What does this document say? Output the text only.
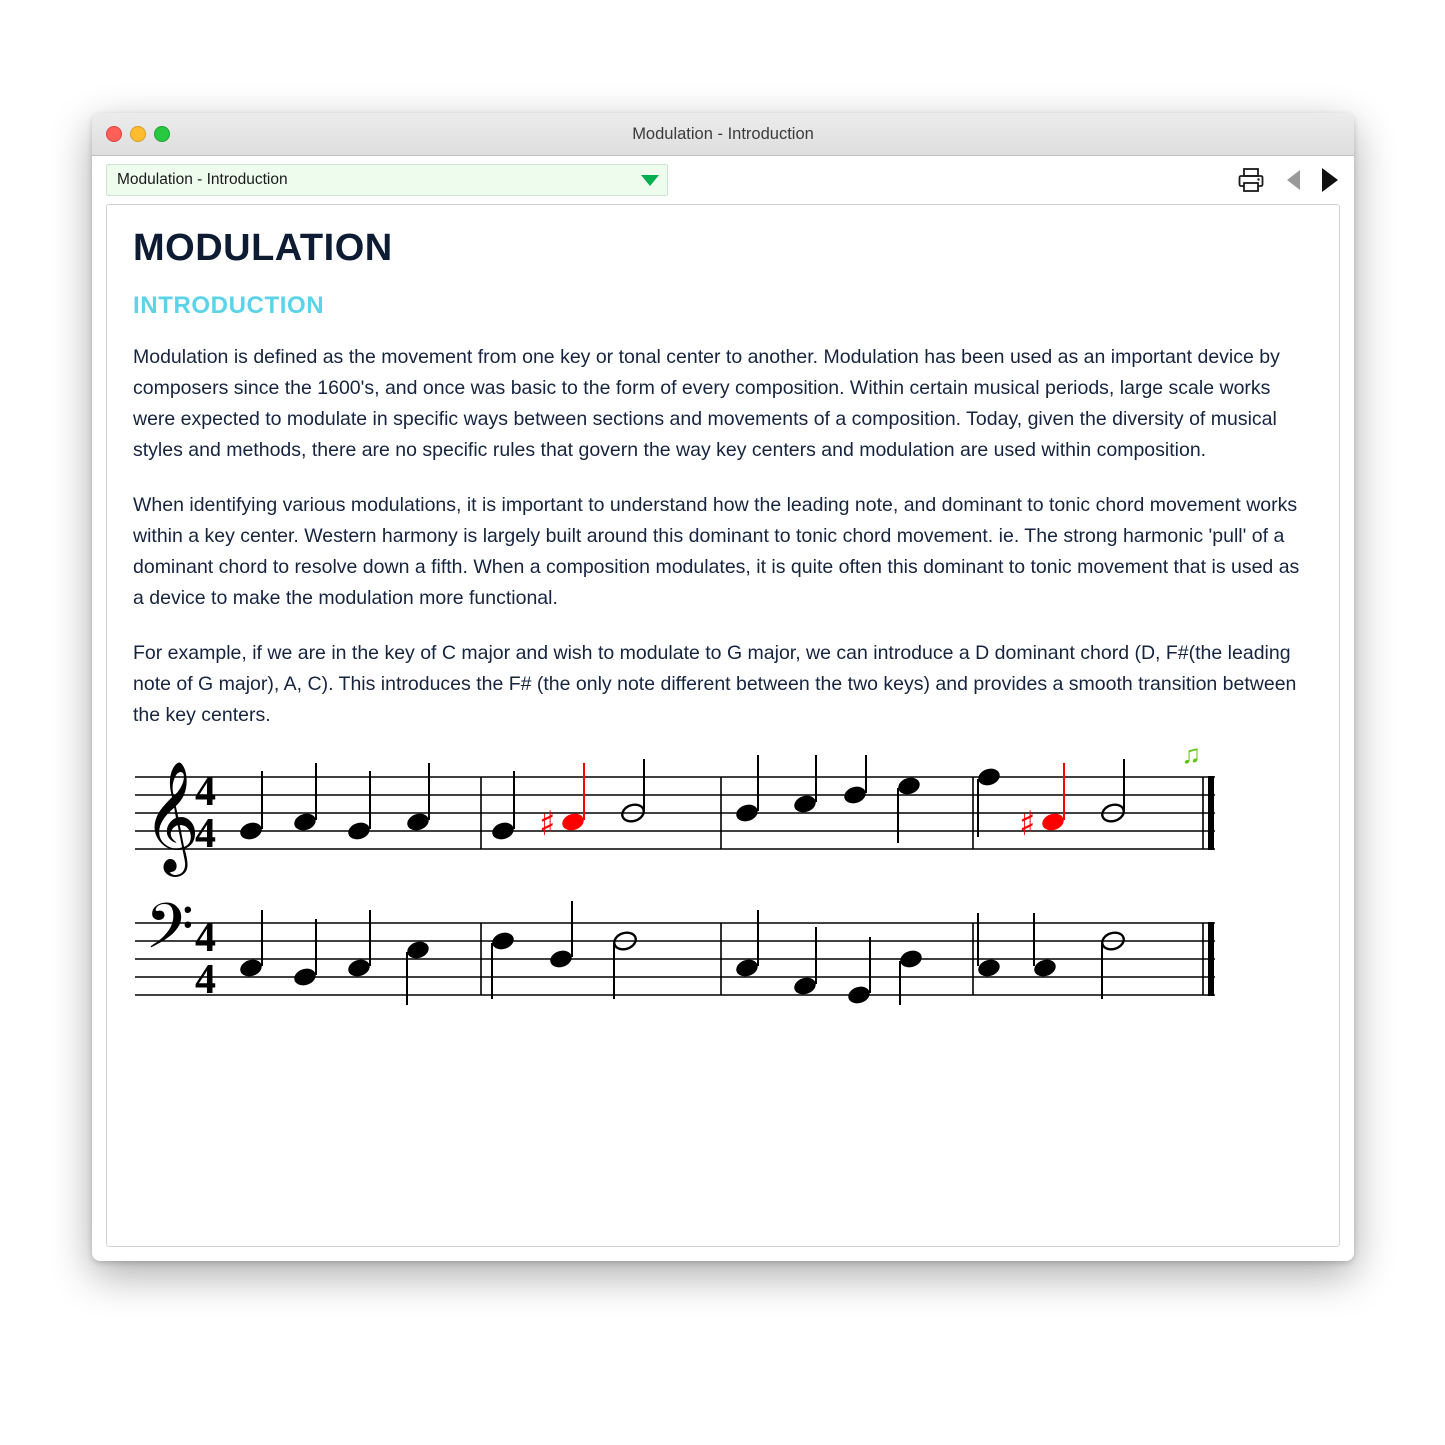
Modulation - Introduction
Modulation - Introduction
MODULATION
INTRODUCTION

Modulation is defined as the movement from one key or tonal center to another. Modulation has been used as an important device by composers since the 1600's, and once was basic to the form of every composition. Within certain musical periods, large scale works were expected to modulate in specific ways between sections and movements of a composition. Today, given the diversity of musical styles and methods, there are no specific rules that govern the way key centers and modulation are used within composition.

When identifying various modulations, it is important to understand how the leading note, and dominant to tonic chord movement works within a key center. Western harmony is largely built around this dominant to tonic chord movement. ie. The strong harmonic 'pull' of a dominant chord to resolve down a fifth. When a composition modulates, it is quite often this dominant to tonic movement that is used as a device to make the modulation more functional.

For example, if we are in the key of C major and wish to modulate to G major, we can introduce a D dominant chord (D, F#(the leading note of G major), A, C). This introduces the F# (the only note different between the two keys) and provides a smooth transition between the key centers.

♫
𝄞
𝄢
4
4
4
4
♯	♯
